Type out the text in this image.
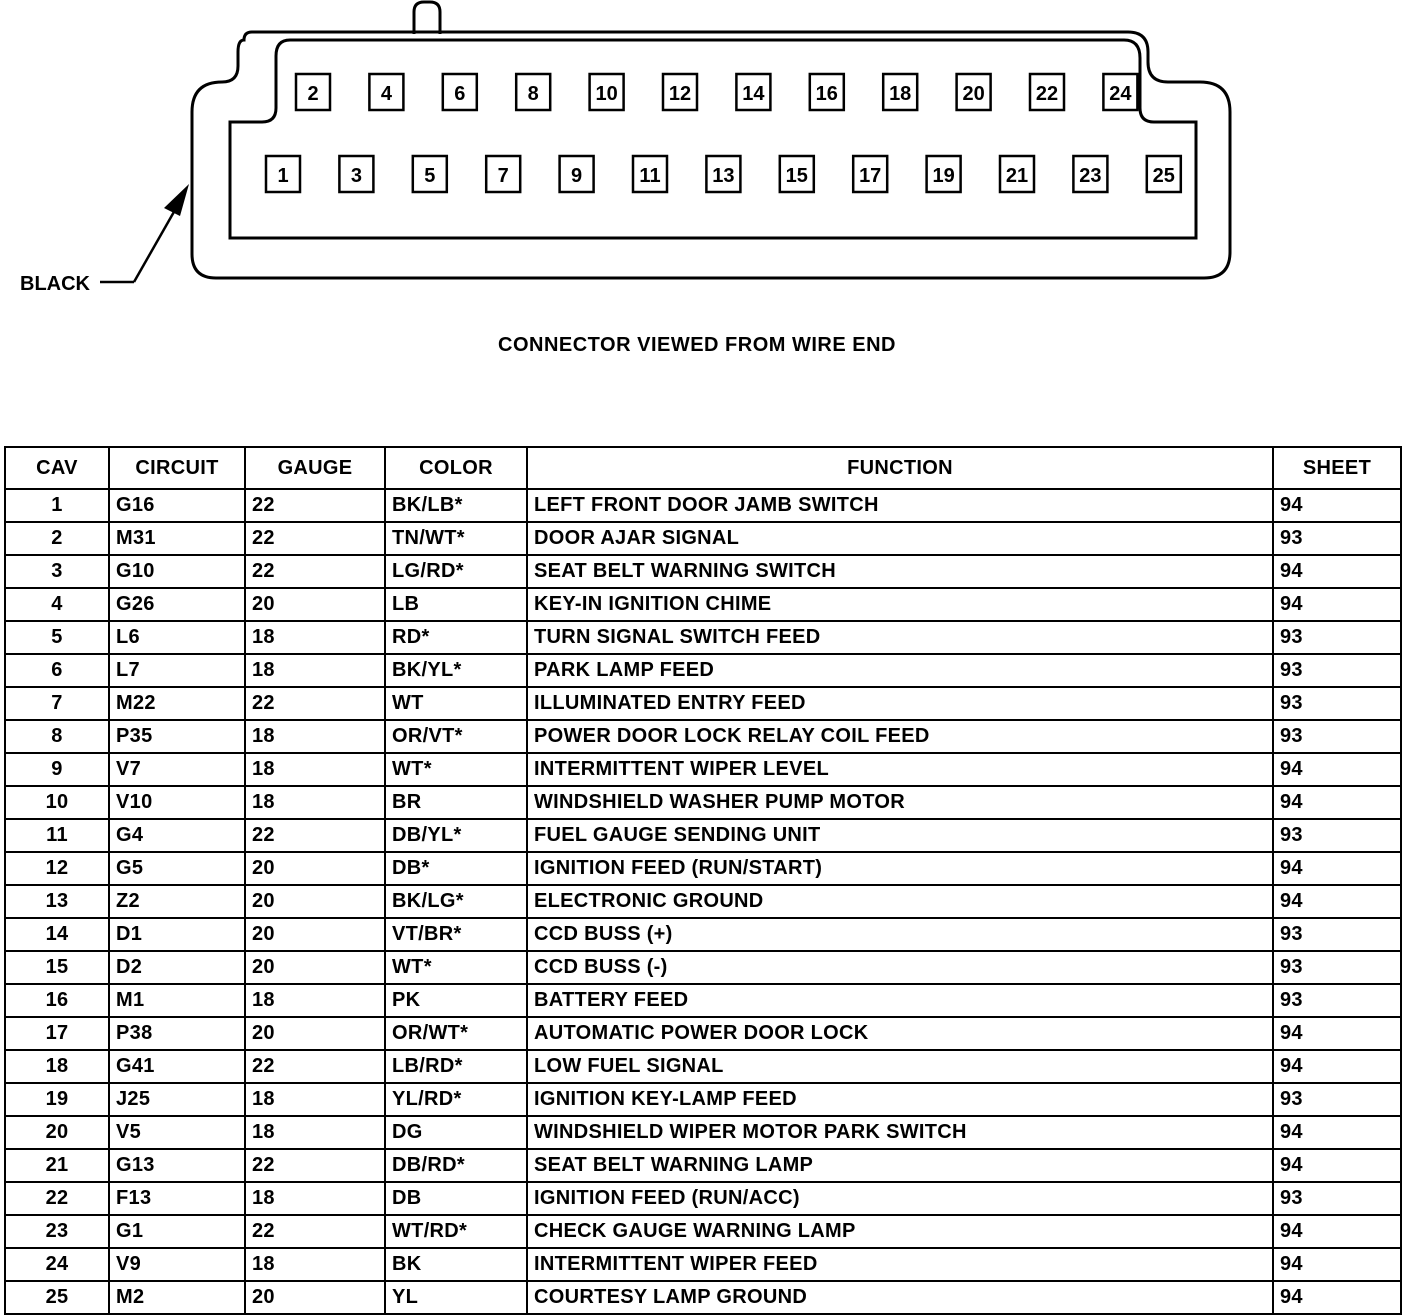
1
2
3
4
5
6
7
8
9
10
11
12
13
14
15
16
17
18
19
20
21
22
23
24
25
BLACK
CONNECTOR VIEWED FROM WIRE END
CAV	CIRCUIT	GAUGE	COLOR	FUNCTION	SHEET
1	G16	22	BK/LB*	LEFT FRONT DOOR JAMB SWITCH	94
2	M31	22	TN/WT*	DOOR AJAR SIGNAL	93
3	G10	22	LG/RD*	SEAT BELT WARNING SWITCH	94
4	G26	20	LB	KEY-IN IGNITION CHIME	94
5	L6	18	RD*	TURN SIGNAL SWITCH FEED	93
6	L7	18	BK/YL*	PARK LAMP FEED	93
7	M22	22	WT	ILLUMINATED ENTRY FEED	93
8	P35	18	OR/VT*	POWER DOOR LOCK RELAY COIL FEED	93
9	V7	18	WT*	INTERMITTENT WIPER LEVEL	94
10	V10	18	BR	WINDSHIELD WASHER PUMP MOTOR	94
11	G4	22	DB/YL*	FUEL GAUGE SENDING UNIT	93
12	G5	20	DB*	IGNITION FEED (RUN/START)	94
13	Z2	20	BK/LG*	ELECTRONIC GROUND	94
14	D1	20	VT/BR*	CCD BUSS (+)	93
15	D2	20	WT*	CCD BUSS (-)	93
16	M1	18	PK	BATTERY FEED	93
17	P38	20	OR/WT*	AUTOMATIC POWER DOOR LOCK	94
18	G41	22	LB/RD*	LOW FUEL SIGNAL	94
19	J25	18	YL/RD*	IGNITION KEY-LAMP FEED	93
20	V5	18	DG	WINDSHIELD WIPER MOTOR PARK SWITCH	94
21	G13	22	DB/RD*	SEAT BELT WARNING LAMP	94
22	F13	18	DB	IGNITION FEED (RUN/ACC)	93
23	G1	22	WT/RD*	CHECK GAUGE WARNING LAMP	94
24	V9	18	BK	INTERMITTENT WIPER FEED	94
25	M2	20	YL	COURTESY LAMP GROUND	94
